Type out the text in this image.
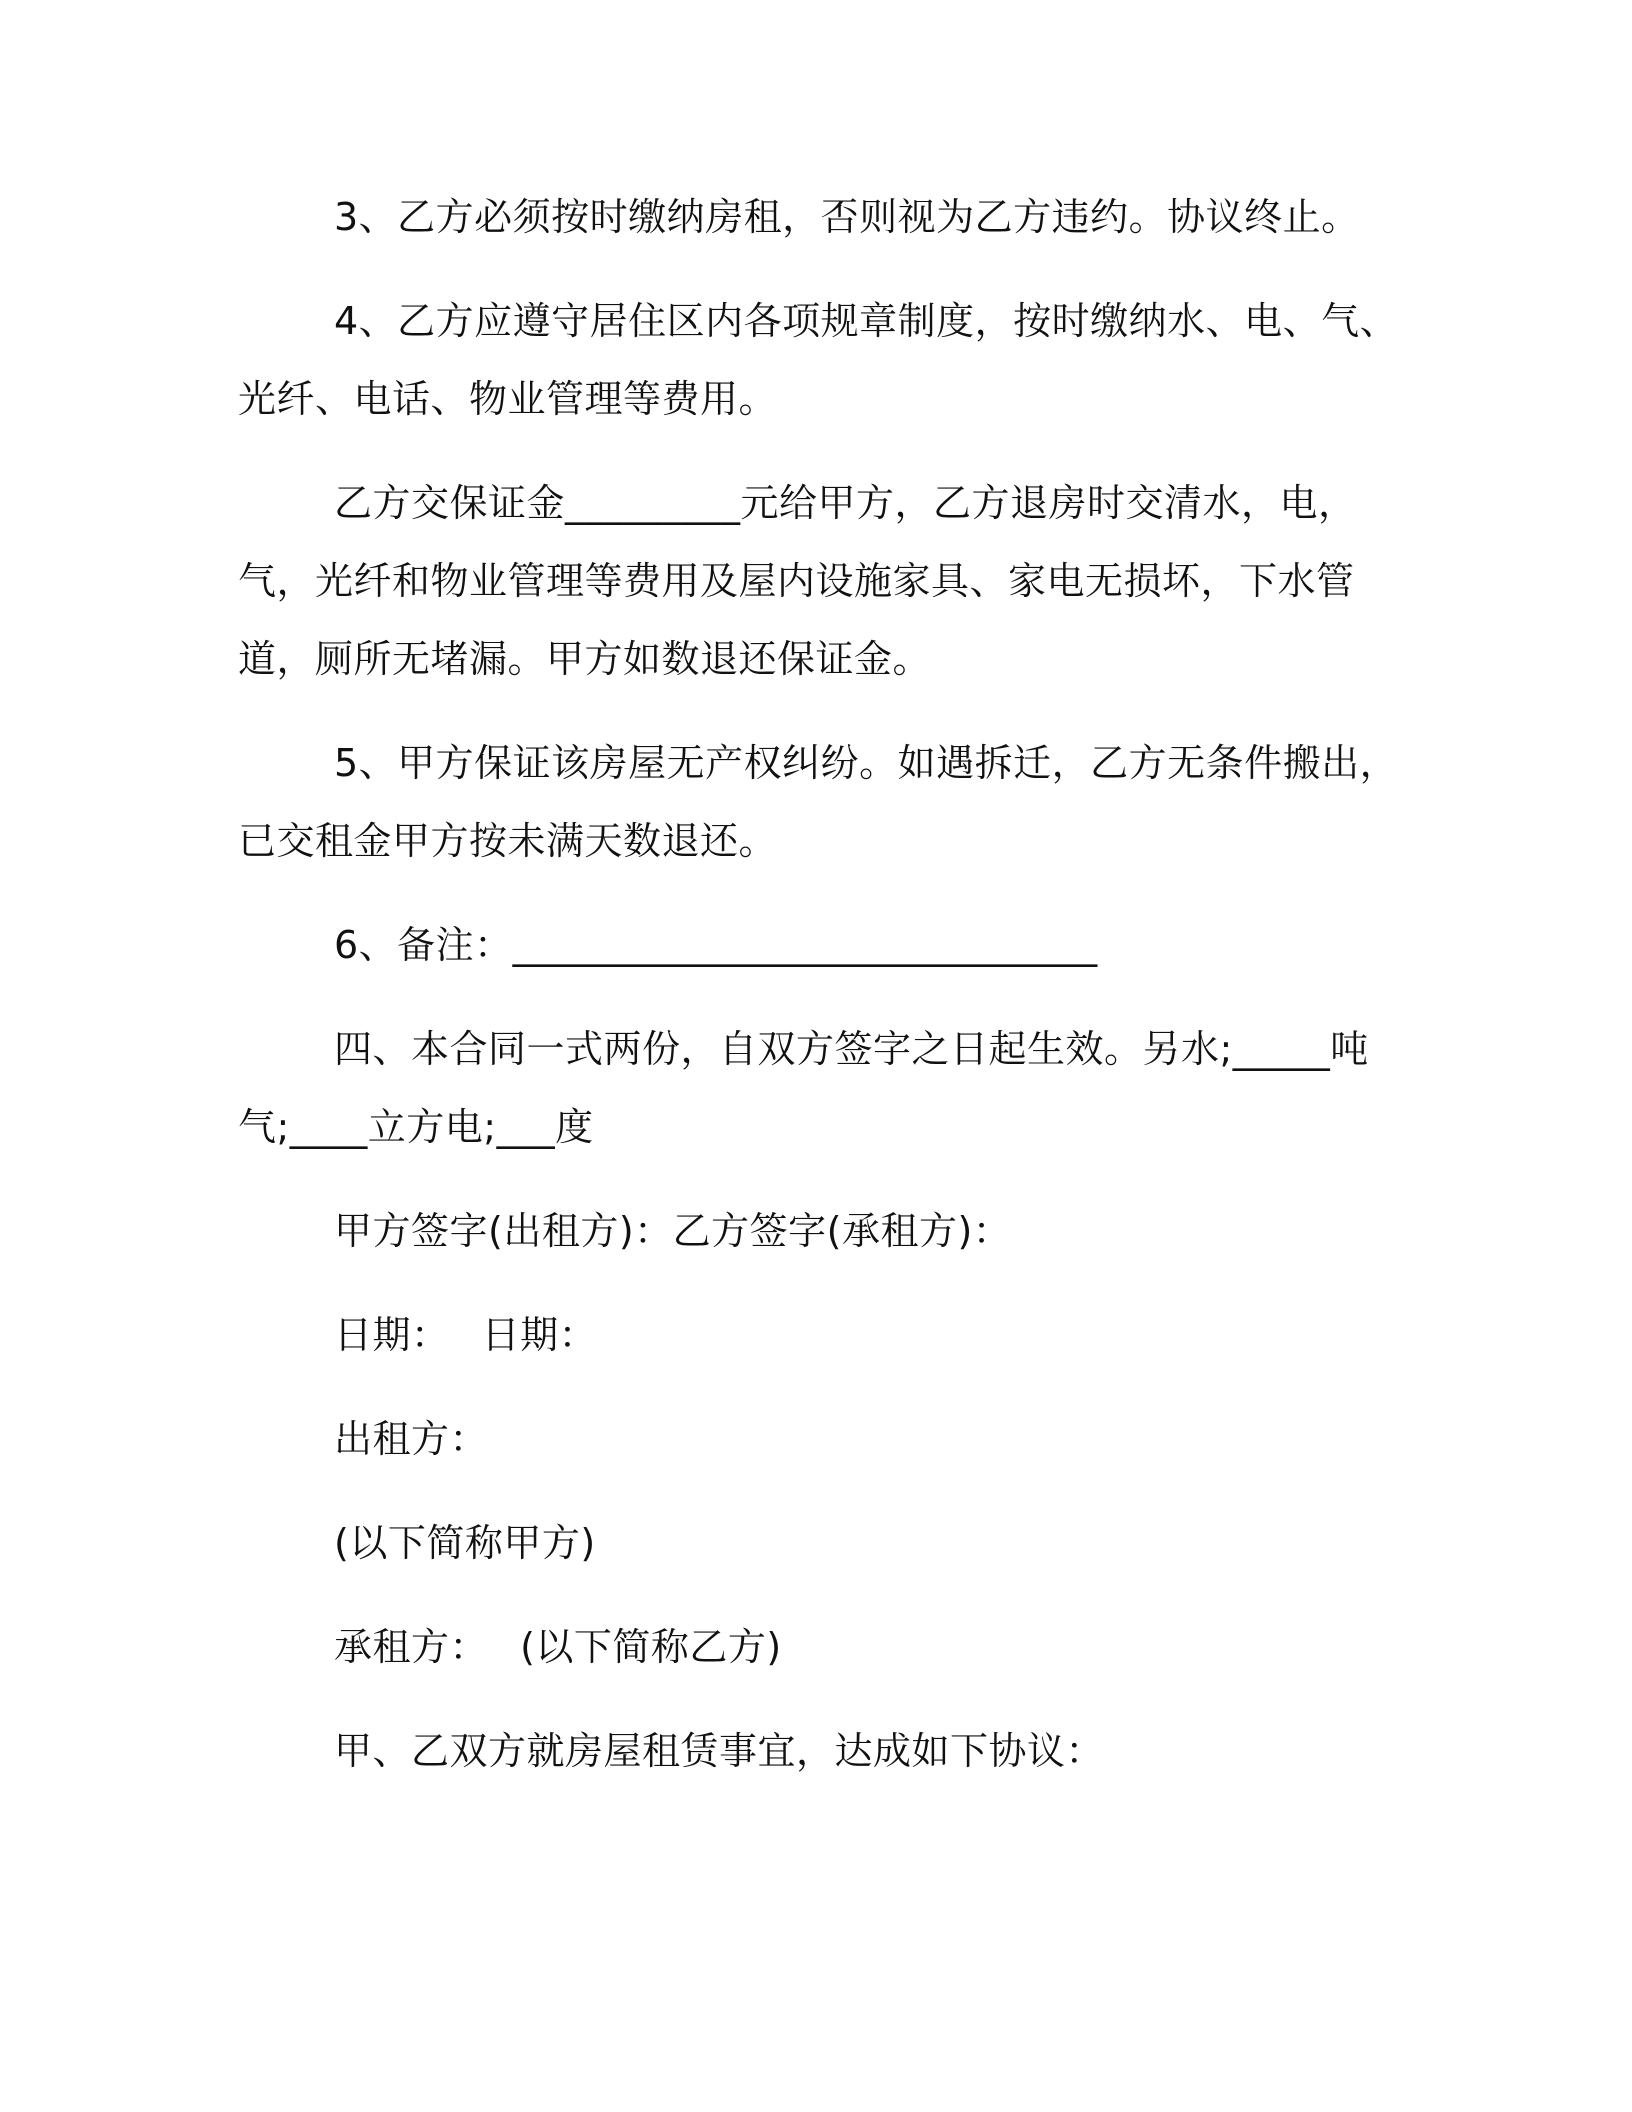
3、乙方必须按时缴纳房租，否则视为乙方违约。协议终止。

4、乙方应遵守居住区内各项规章制度，按时缴纳水、电、气、光纤、电话、物业管理等费用。

乙方交保证金_________元给甲方，乙方退房时交清水，电，气，光纤和物业管理等费用及屋内设施家具、家电无损坏，下水管道，厕所无堵漏。甲方如数退还保证金。

5、甲方保证该房屋无产权纠纷。如遇拆迁，乙方无条件搬出，已交租金甲方按未满天数退还。

6、备注：______________________________

四、本合同一式两份，自双方签字之日起生效。另水;_____吨气;____立方电;___度

甲方签字(出租方)：乙方签字(承租方)：

日期：　 日期：

出租方：

(以下简称甲方)

承租方：　 (以下简称乙方)

甲、乙双方就房屋租赁事宜，达成如下协议：
